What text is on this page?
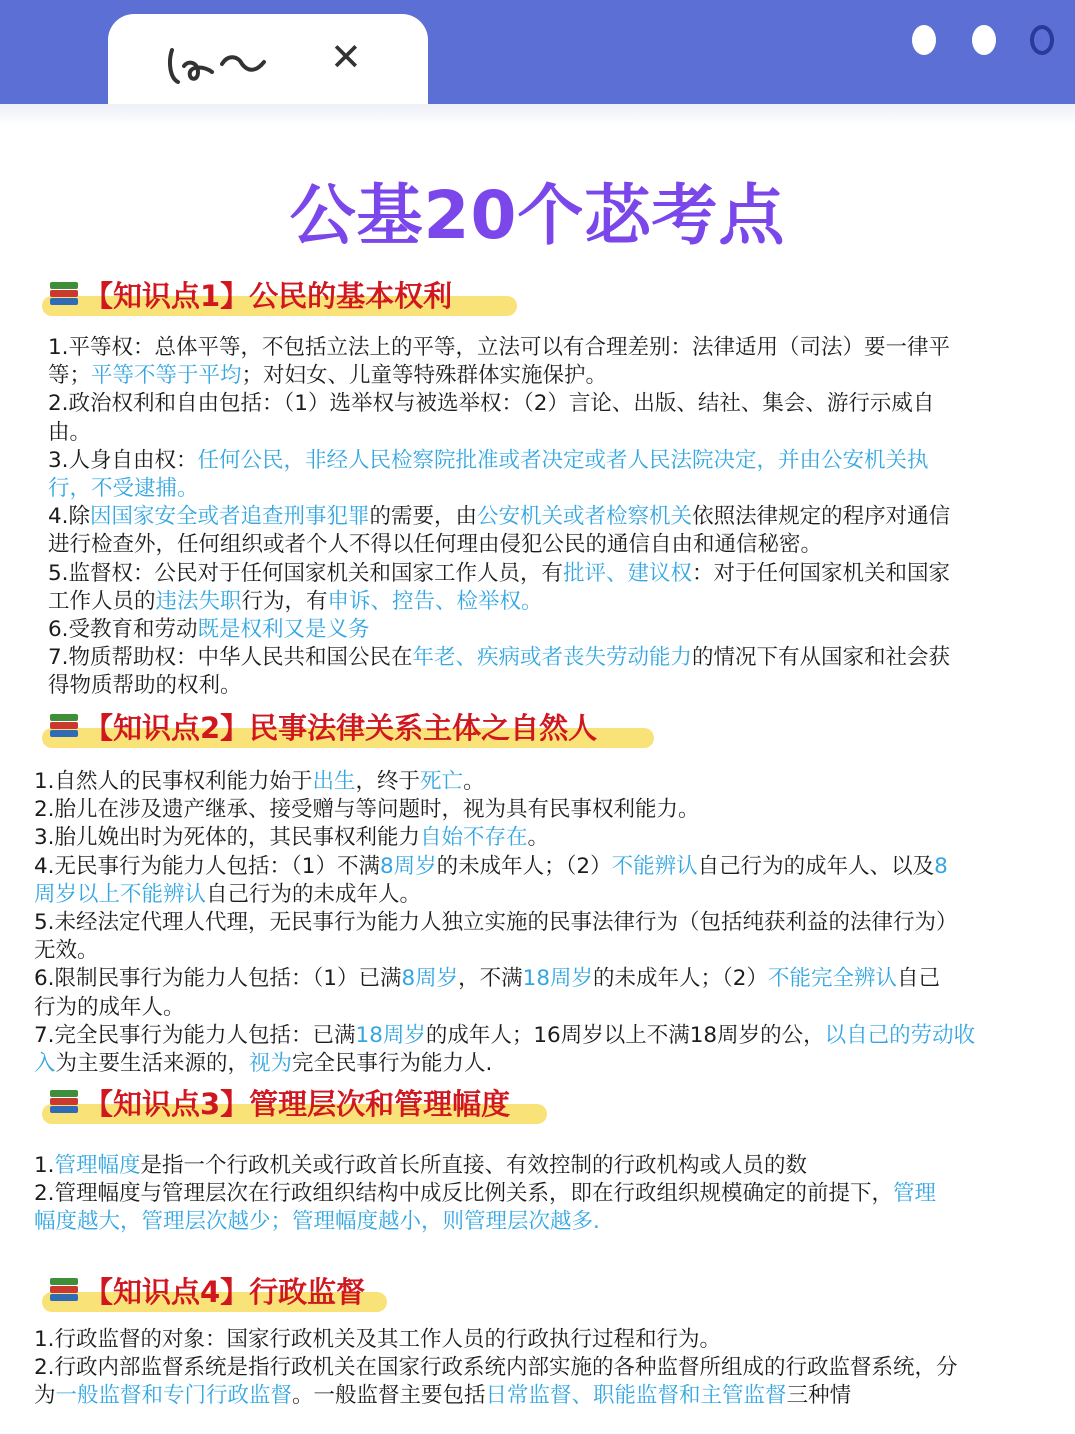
✕
公基20个苾考点
【知识点1】公民的基本权利
1.平等权：总体平等，不包括立法上的平等，立法可以有合理差别：法律适用（司法）要一律平
等；平等不等于平均；对妇女、儿童等特殊群体实施保护。
2.政治权利和自由包括：（1）选举权与被选举权：（2）言论、出版、结社、集会、游行示威自
由。
3.人身自由权：任何公民，非经人民检察院批准或者决定或者人民法院决定，并由公安机关执
行，不受逮捕。
4.除因国家安全或者追查刑事犯罪的需要，由公安机关或者检察机关依照法律规定的程序对通信
进行检查外，任何组织或者个人不得以任何理由侵犯公民的通信自由和通信秘密。
5.监督权：公民对于任何国家机关和国家工作人员，有批评、建议权：对于任何国家机关和国家
工作人员的违法失职行为，有申诉、控告、检举权。
6.受教育和劳动既是权利又是义务
7.物质帮助权：中华人民共和国公民在年老、疾病或者丧失劳动能力的情况下有从国家和社会获
得物质帮助的权利。
【知识点2】民事法律关系主体之自然人
1.自然人的民事权利能力始于出生，终于死亡。
2.胎儿在涉及遗产继承、接受赠与等问题时，视为具有民事权利能力。
3.胎儿娩出时为死体的，其民事权利能力自始不存在。
4.无民事行为能力人包括：（1）不满8周岁的未成年人；（2）不能辨认自己行为的成年人、以及8
周岁以上不能辨认自己行为的未成年人。
5.未经法定代理人代理，无民事行为能力人独立实施的民事法律行为（包括纯获利益的法律行为）
无效。
6.限制民事行为能力人包括：（1）已满8周岁，不满18周岁的未成年人；（2）不能完全辨认自己
行为的成年人。
7.完全民事行为能力人包括：已满18周岁的成年人；16周岁以上不满18周岁的公，以自己的劳动收
入为主要生活来源的，视为完全民事行为能力人.
【知识点3】管理层次和管理幅度
1.管理幅度是指一个行政机关或行政首长所直接、有效控制的行政机构或人员的数
2.管理幅度与管理层次在行政组织结构中成反比例关系，即在行政组织规模确定的前提下，管理
幅度越大，管理层次越少；管理幅度越小，则管理层次越多.
【知识点4】行政监督
1.行政监督的对象：国家行政机关及其工作人员的行政执行过程和行为。
2.行政内部监督系统是指行政机关在国家行政系统内部实施的各种监督所组成的行政监督系统，分
为一般监督和专门行政监督。一般监督主要包括日常监督、职能监督和主管监督三种情
